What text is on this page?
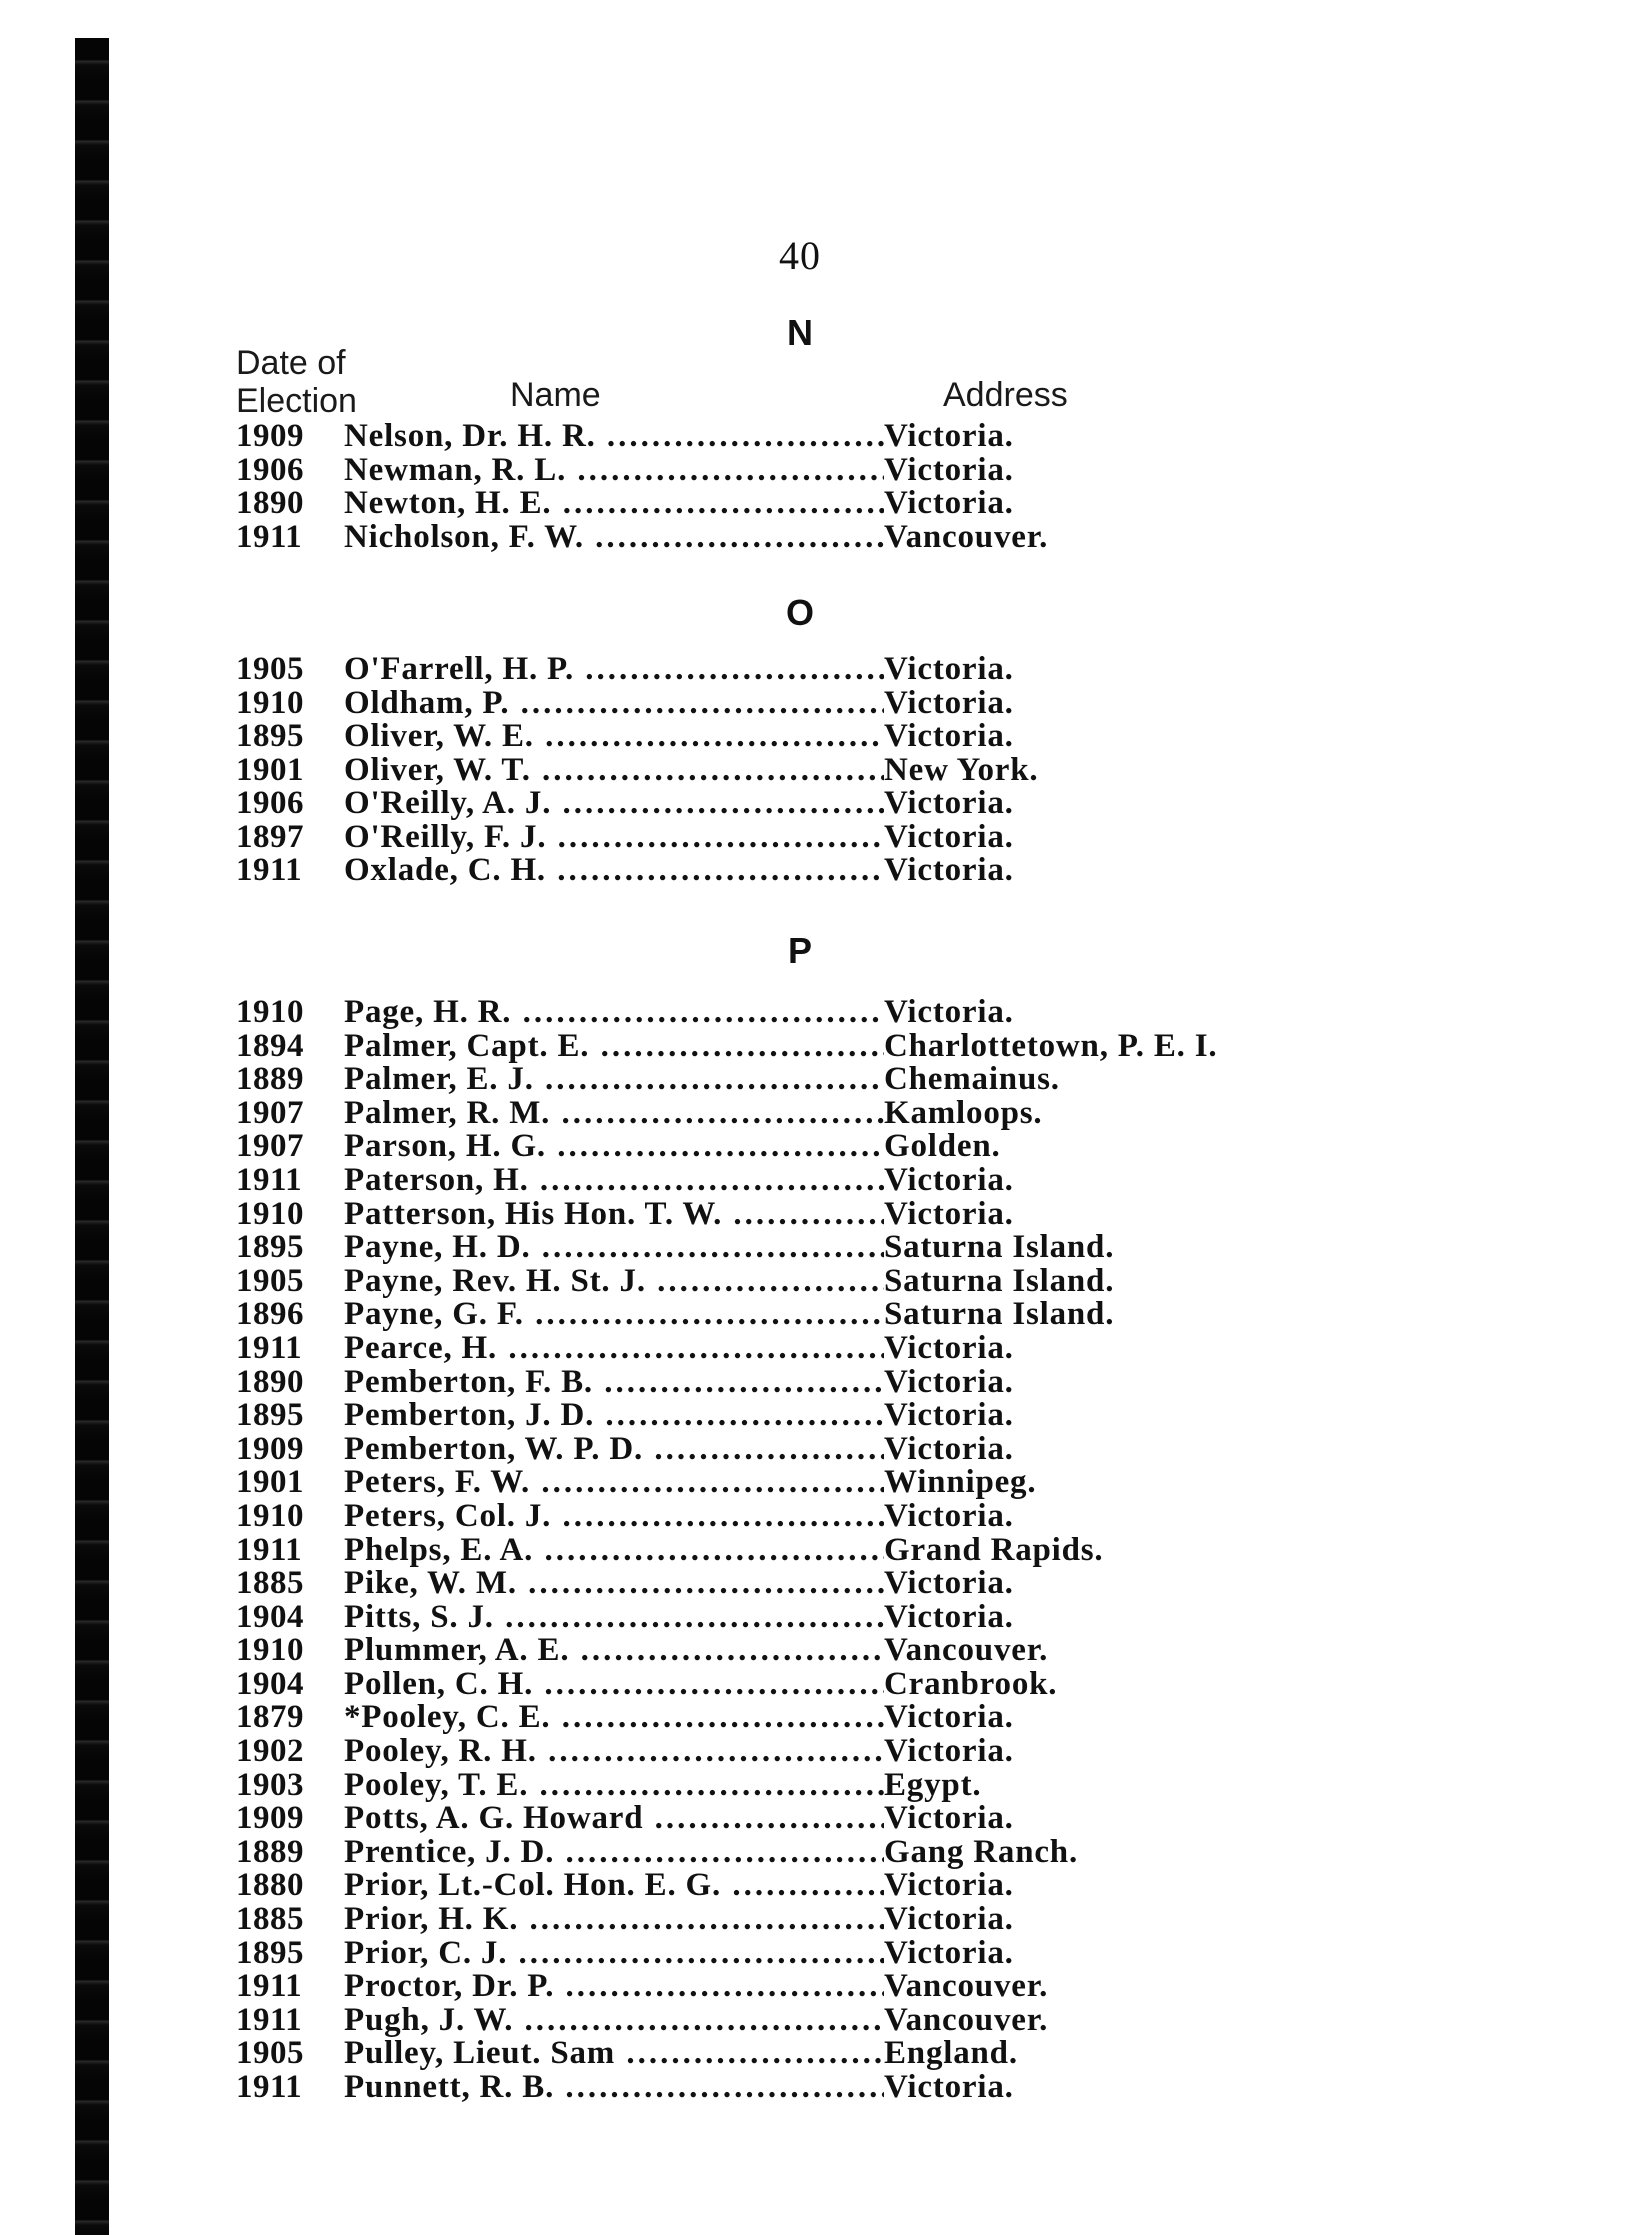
40
Date of
Election	Name	Address
N
1909	Nelson, Dr. H. R. .....	Victoria.
1906	Newman, R. L. .....	Victoria.
1890	Newton, H. E. .....	Victoria.
1911	Nicholson, F. W. .....	Vancouver.
O
1905	O'Farrell, H. P. .....	Victoria.
1910	Oldham, P. .....	Victoria.
1895	Oliver, W. E. .....	Victoria.
1901	Oliver, W. T. .....	New York.
1906	O'Reilly, A. J. .....	Victoria.
1897	O'Reilly, F. J. .....	Victoria.
1911	Oxlade, C. H. .....	Victoria.
P
1910	Page, H. R. .....	Victoria.
1894	Palmer, Capt. E. .....	Charlottetown, P. E. I.
1889	Palmer, E. J. .....	Chemainus.
1907	Palmer, R. M. .....	Kamloops.
1907	Parson, H. G. .....	Golden.
1911	Paterson, H. .....	Victoria.
1910	Patterson, His Hon. T. W. .....	Victoria.
1895	Payne, H. D. .....	Saturna Island.
1905	Payne, Rev. H. St. J. .....	Saturna Island.
1896	Payne, G. F. .....	Saturna Island.
1911	Pearce, H. .....	Victoria.
1890	Pemberton, F. B. .....	Victoria.
1895	Pemberton, J. D. .....	Victoria.
1909	Pemberton, W. P. D. .....	Victoria.
1901	Peters, F. W. .....	Winnipeg.
1910	Peters, Col. J. .....	Victoria.
1911	Phelps, E. A. .....	Grand Rapids.
1885	Pike, W. M. .....	Victoria.
1904	Pitts, S. J. .....	Victoria.
1910	Plummer, A. E. .....	Vancouver.
1904	Pollen, C. H. .....	Cranbrook.
1879	*Pooley, C. E. .....	Victoria.
1902	Pooley, R. H. .....	Victoria.
1903	Pooley, T. E. .....	Egypt.
1909	Potts, A. G. Howard .....	Victoria.
1889	Prentice, J. D. .....	Gang Ranch.
1880	Prior, Lt.-Col. Hon. E. G. .....	Victoria.
1885	Prior, H. K. .....	Victoria.
1895	Prior, C. J. .....	Victoria.
1911	Proctor, Dr. P. .....	Vancouver.
1911	Pugh, J. W. .....	Vancouver.
1905	Pulley, Lieut. Sam .....	England.
1911	Punnett, R. B. .....	Victoria.
